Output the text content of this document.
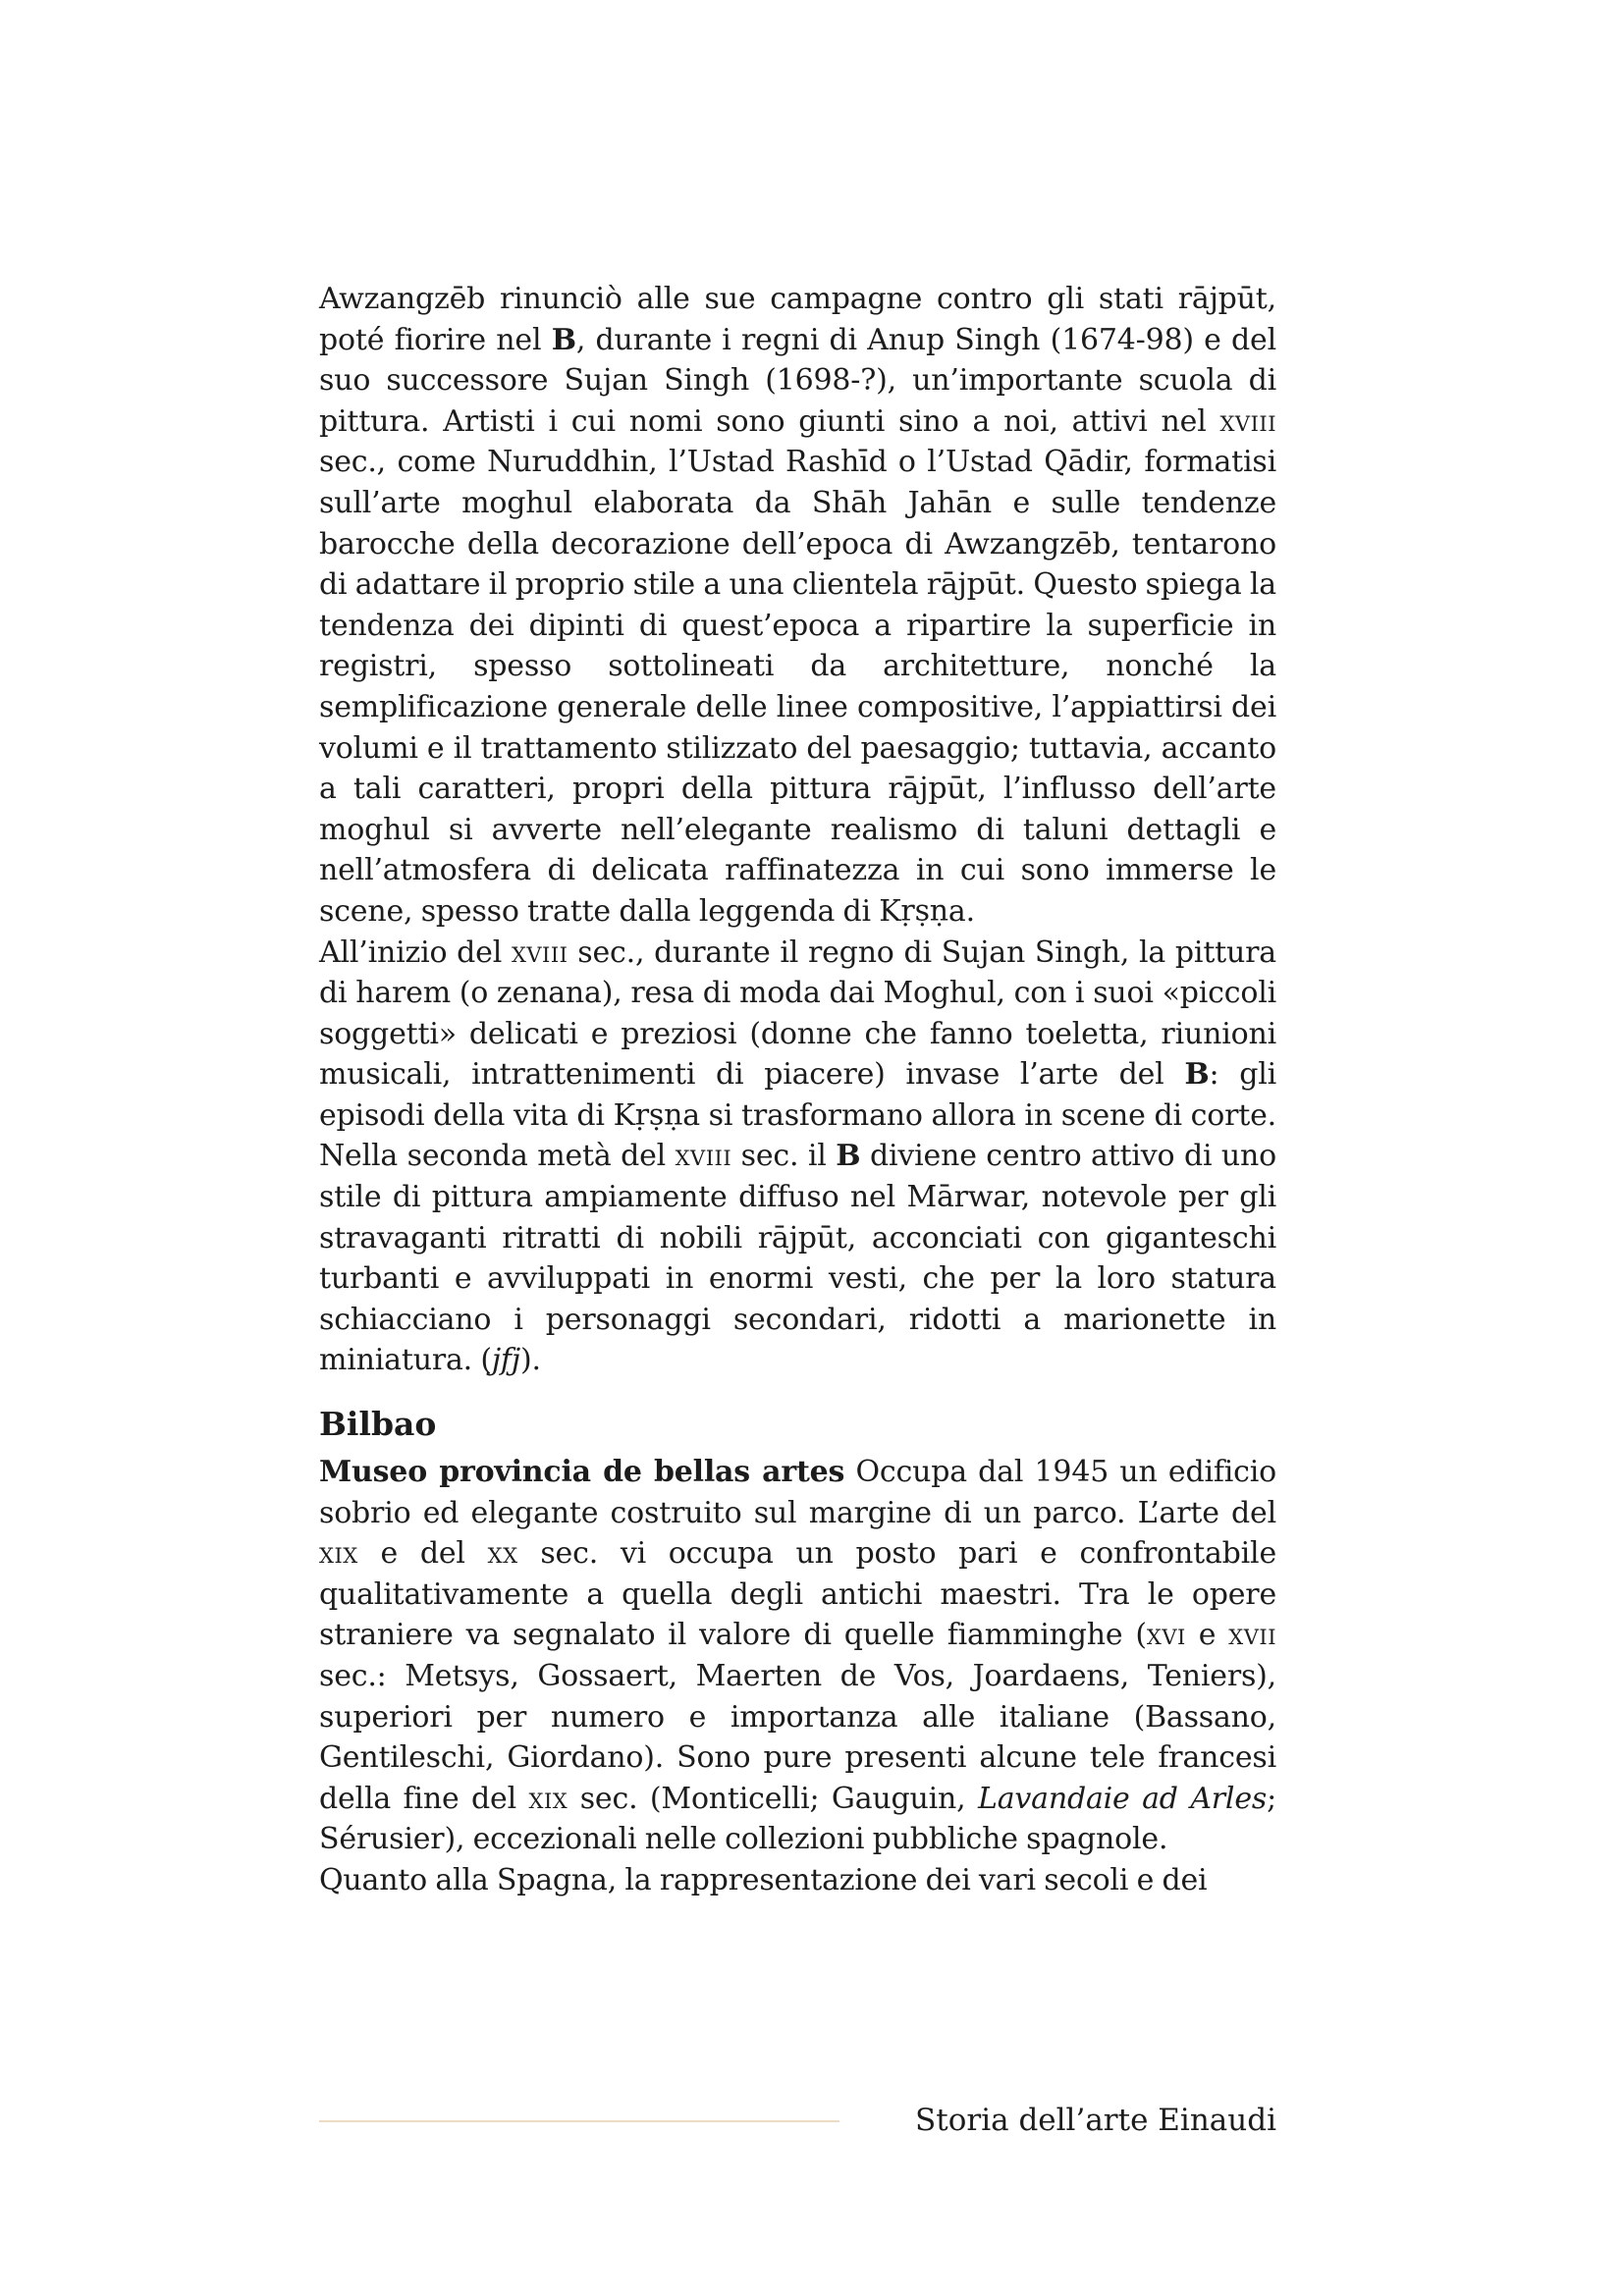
Awzangzēb rinunciò alle sue campagne contro gli stati rājpūt, poté fiorire nel B, durante i regni di Anup Singh (1674-98) e del suo successore Sujan Singh (1698-?), un’importante scuola di pittura. Artisti i cui nomi sono giunti sino a noi, attivi nel xviii sec., come Nuruddhin, l’Ustad Rashīd o l’Ustad Qādir, formatisi sull’arte moghul elaborata da Shāh Jahān e sulle tendenze barocche della decorazione dell’epoca di Awzangzēb, tentarono di adattare il proprio stile a una clientela rājpūt. Questo spiega la tendenza dei dipinti di quest’epoca a ripartire la superficie in registri, spesso sottolineati da architetture, nonché la semplificazione generale delle linee compositive, l’appiattirsi dei volumi e il trattamento stilizzato del paesaggio; tuttavia, accanto a tali caratteri, propri della pittura rājpūt, l’influsso dell’arte moghul si avverte nell’elegante realismo di taluni dettagli e nell’atmosfera di delicata raffinatezza in cui sono immerse le scene, spesso tratte dalla leggenda di Kṛṣṇa.

All’inizio del xviii sec., durante il regno di Sujan Singh, la pittura di harem (o zenana), resa di moda dai Moghul, con i suoi «piccoli soggetti» delicati e preziosi (donne che fanno toeletta, riunioni musicali, intrattenimenti di piacere) invase l’arte del B: gli episodi della vita di Kṛṣṇa si trasformano allora in scene di corte. Nella seconda metà del xviii sec. il B diviene centro attivo di uno stile di pittura ampiamente diffuso nel Mārwar, notevole per gli stravaganti ritratti di nobili rājpūt, acconciati con giganteschi turbanti e avviluppati in enormi vesti, che per la loro statura schiacciano i personaggi secondari, ridotti a marionette in miniatura. (jfj).

Bilbao

Museo provincia de bellas artes Occupa dal 1945 un edificio sobrio ed elegante costruito sul margine di un parco. L’arte del xix e del xx sec. vi occupa un posto pari e confrontabile qualitativamente a quella degli antichi maestri. Tra le opere straniere va segnalato il valore di quelle fiamminghe (xvi e xvii sec.: Metsys, Gossaert, Maerten de Vos, Joardaens, Teniers), superiori per numero e importanza alle italiane (Bassano, Gentileschi, Giordano). Sono pure presenti alcune tele francesi della fine del xix sec. (Monticelli; Gauguin, Lavandaie ad Arles; Sérusier), eccezionali nelle collezioni pubbliche spagnole.

Quanto alla Spagna, la rappresentazione dei vari secoli e dei

Storia dell’arte Einaudi
